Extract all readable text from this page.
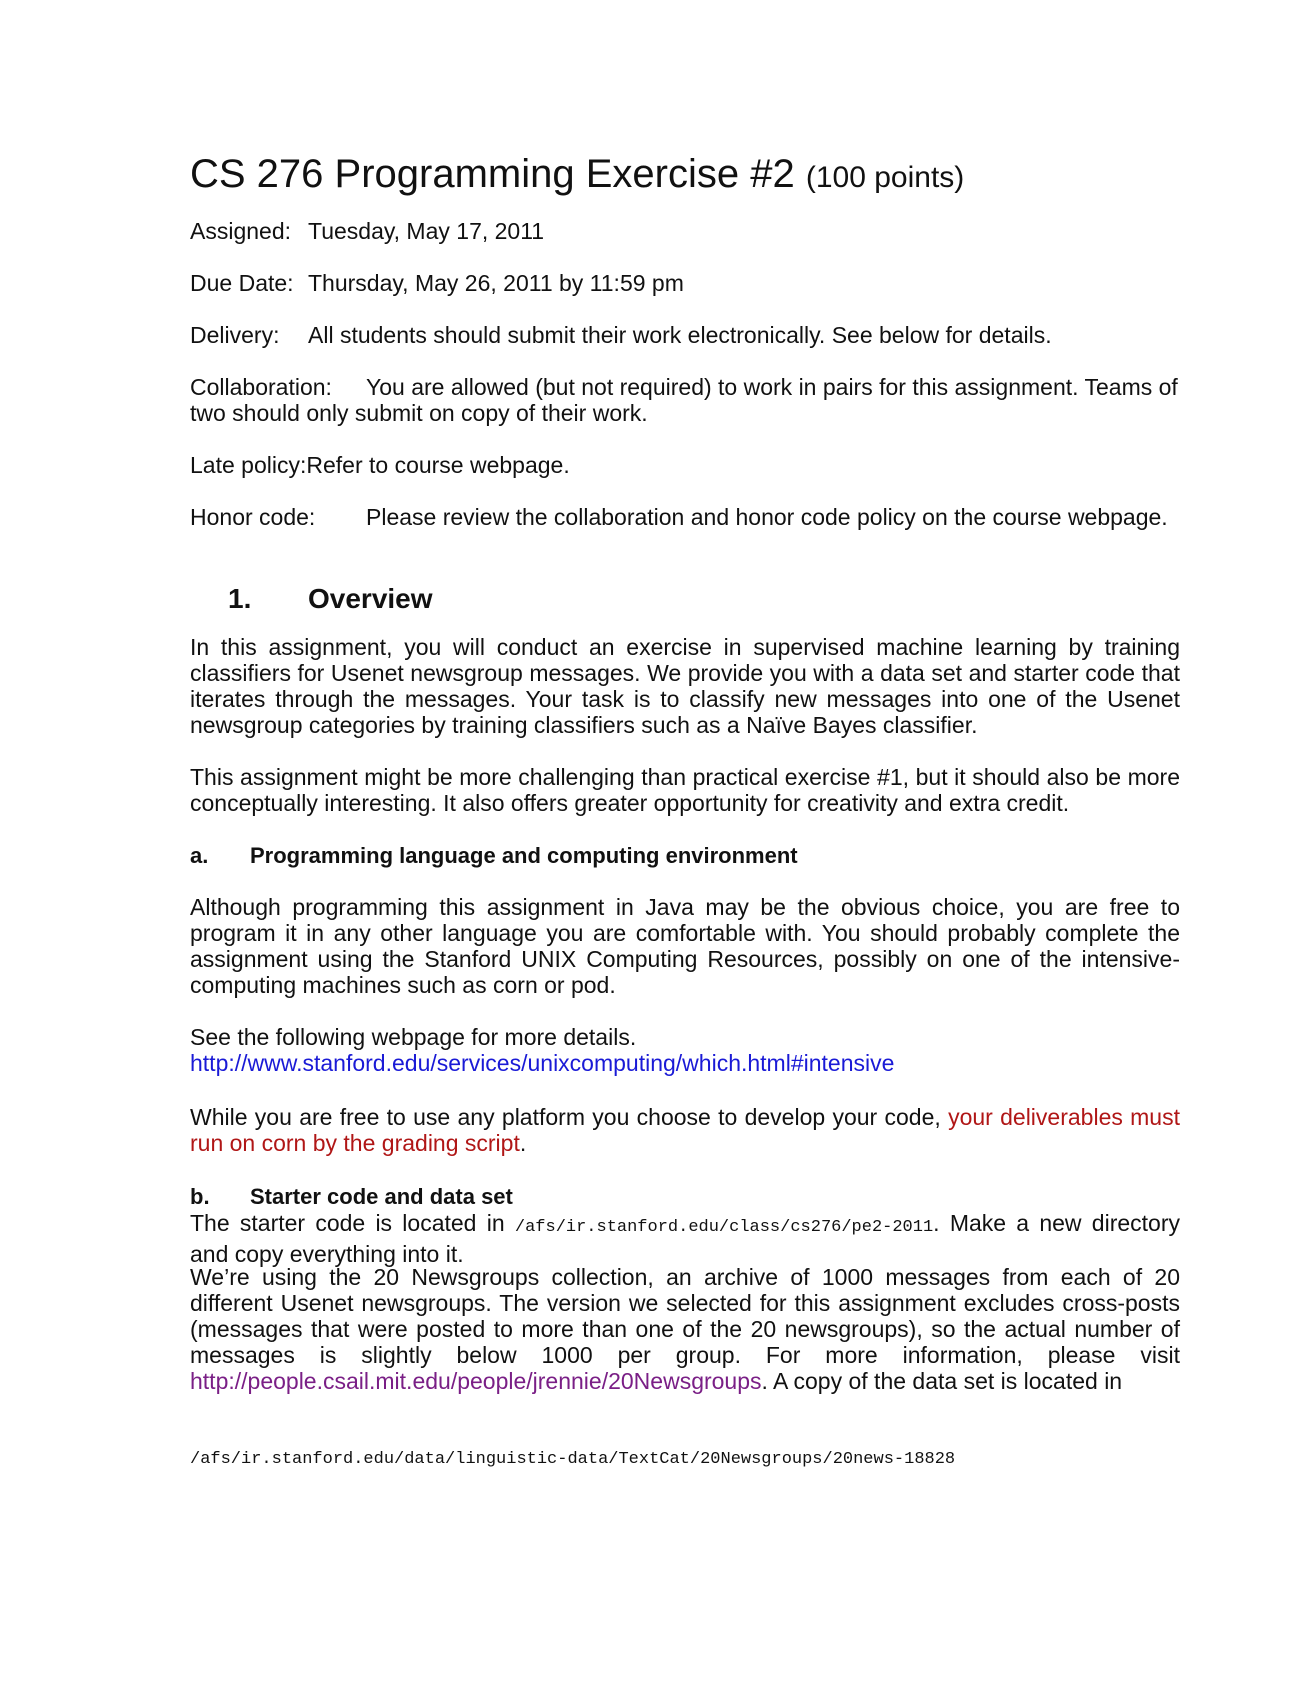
CS 276 Programming Exercise #2 (100 points)
Assigned: Tuesday, May 17, 2011
Due Date: Thursday, May 26, 2011 by 11:59 pm
Delivery: All students should submit their work electronically. See below for details.

Collaboration: You are allowed (but not required) to work in pairs for this assignment. Teams of two should only submit on copy of their work.

Late policy:Refer to course webpage.
Honor code: Please review the collaboration and honor code policy on the course webpage.
1. Overview

In this assignment, you will conduct an exercise in supervised machine learning by training classifiers for Usenet newsgroup messages. We provide you with a data set and starter code that iterates through the messages. Your task is to classify new messages into one of the Usenet newsgroup categories by training classifiers such as a Naïve Bayes classifier.

This assignment might be more challenging than practical exercise #1, but it should also be more conceptually interesting. It also offers greater opportunity for creativity and extra credit.

a. Programming language and computing environment

Although programming this assignment in Java may be the obvious choice, you are free to program it in any other language you are comfortable with. You should probably complete the assignment using the Stanford UNIX Computing Resources, possibly on one of the intensive-computing machines such as corn or pod.

See the following webpage for more details.
http://www.stanford.edu/services/unixcomputing/which.html#intensive

While you are free to use any platform you choose to develop your code, your deliverables must run on corn by the grading script.

b. Starter code and data set

The starter code is located in /afs/ir.stanford.edu/class/cs276/pe2-2011. Make a new directory and copy everything into it.

We’re using the 20 Newsgroups collection, an archive of 1000 messages from each of 20 different Usenet newsgroups. The version we selected for this assignment excludes cross-posts (messages that were posted to more than one of the 20 newsgroups), so the actual number of messages is slightly below 1000 per group. For more information, please visit http://people.csail.mit.edu/people/jrennie/20Newsgroups. A copy of the data set is located in

/afs/ir.stanford.edu/data/linguistic-data/TextCat/20Newsgroups/20news-18828
